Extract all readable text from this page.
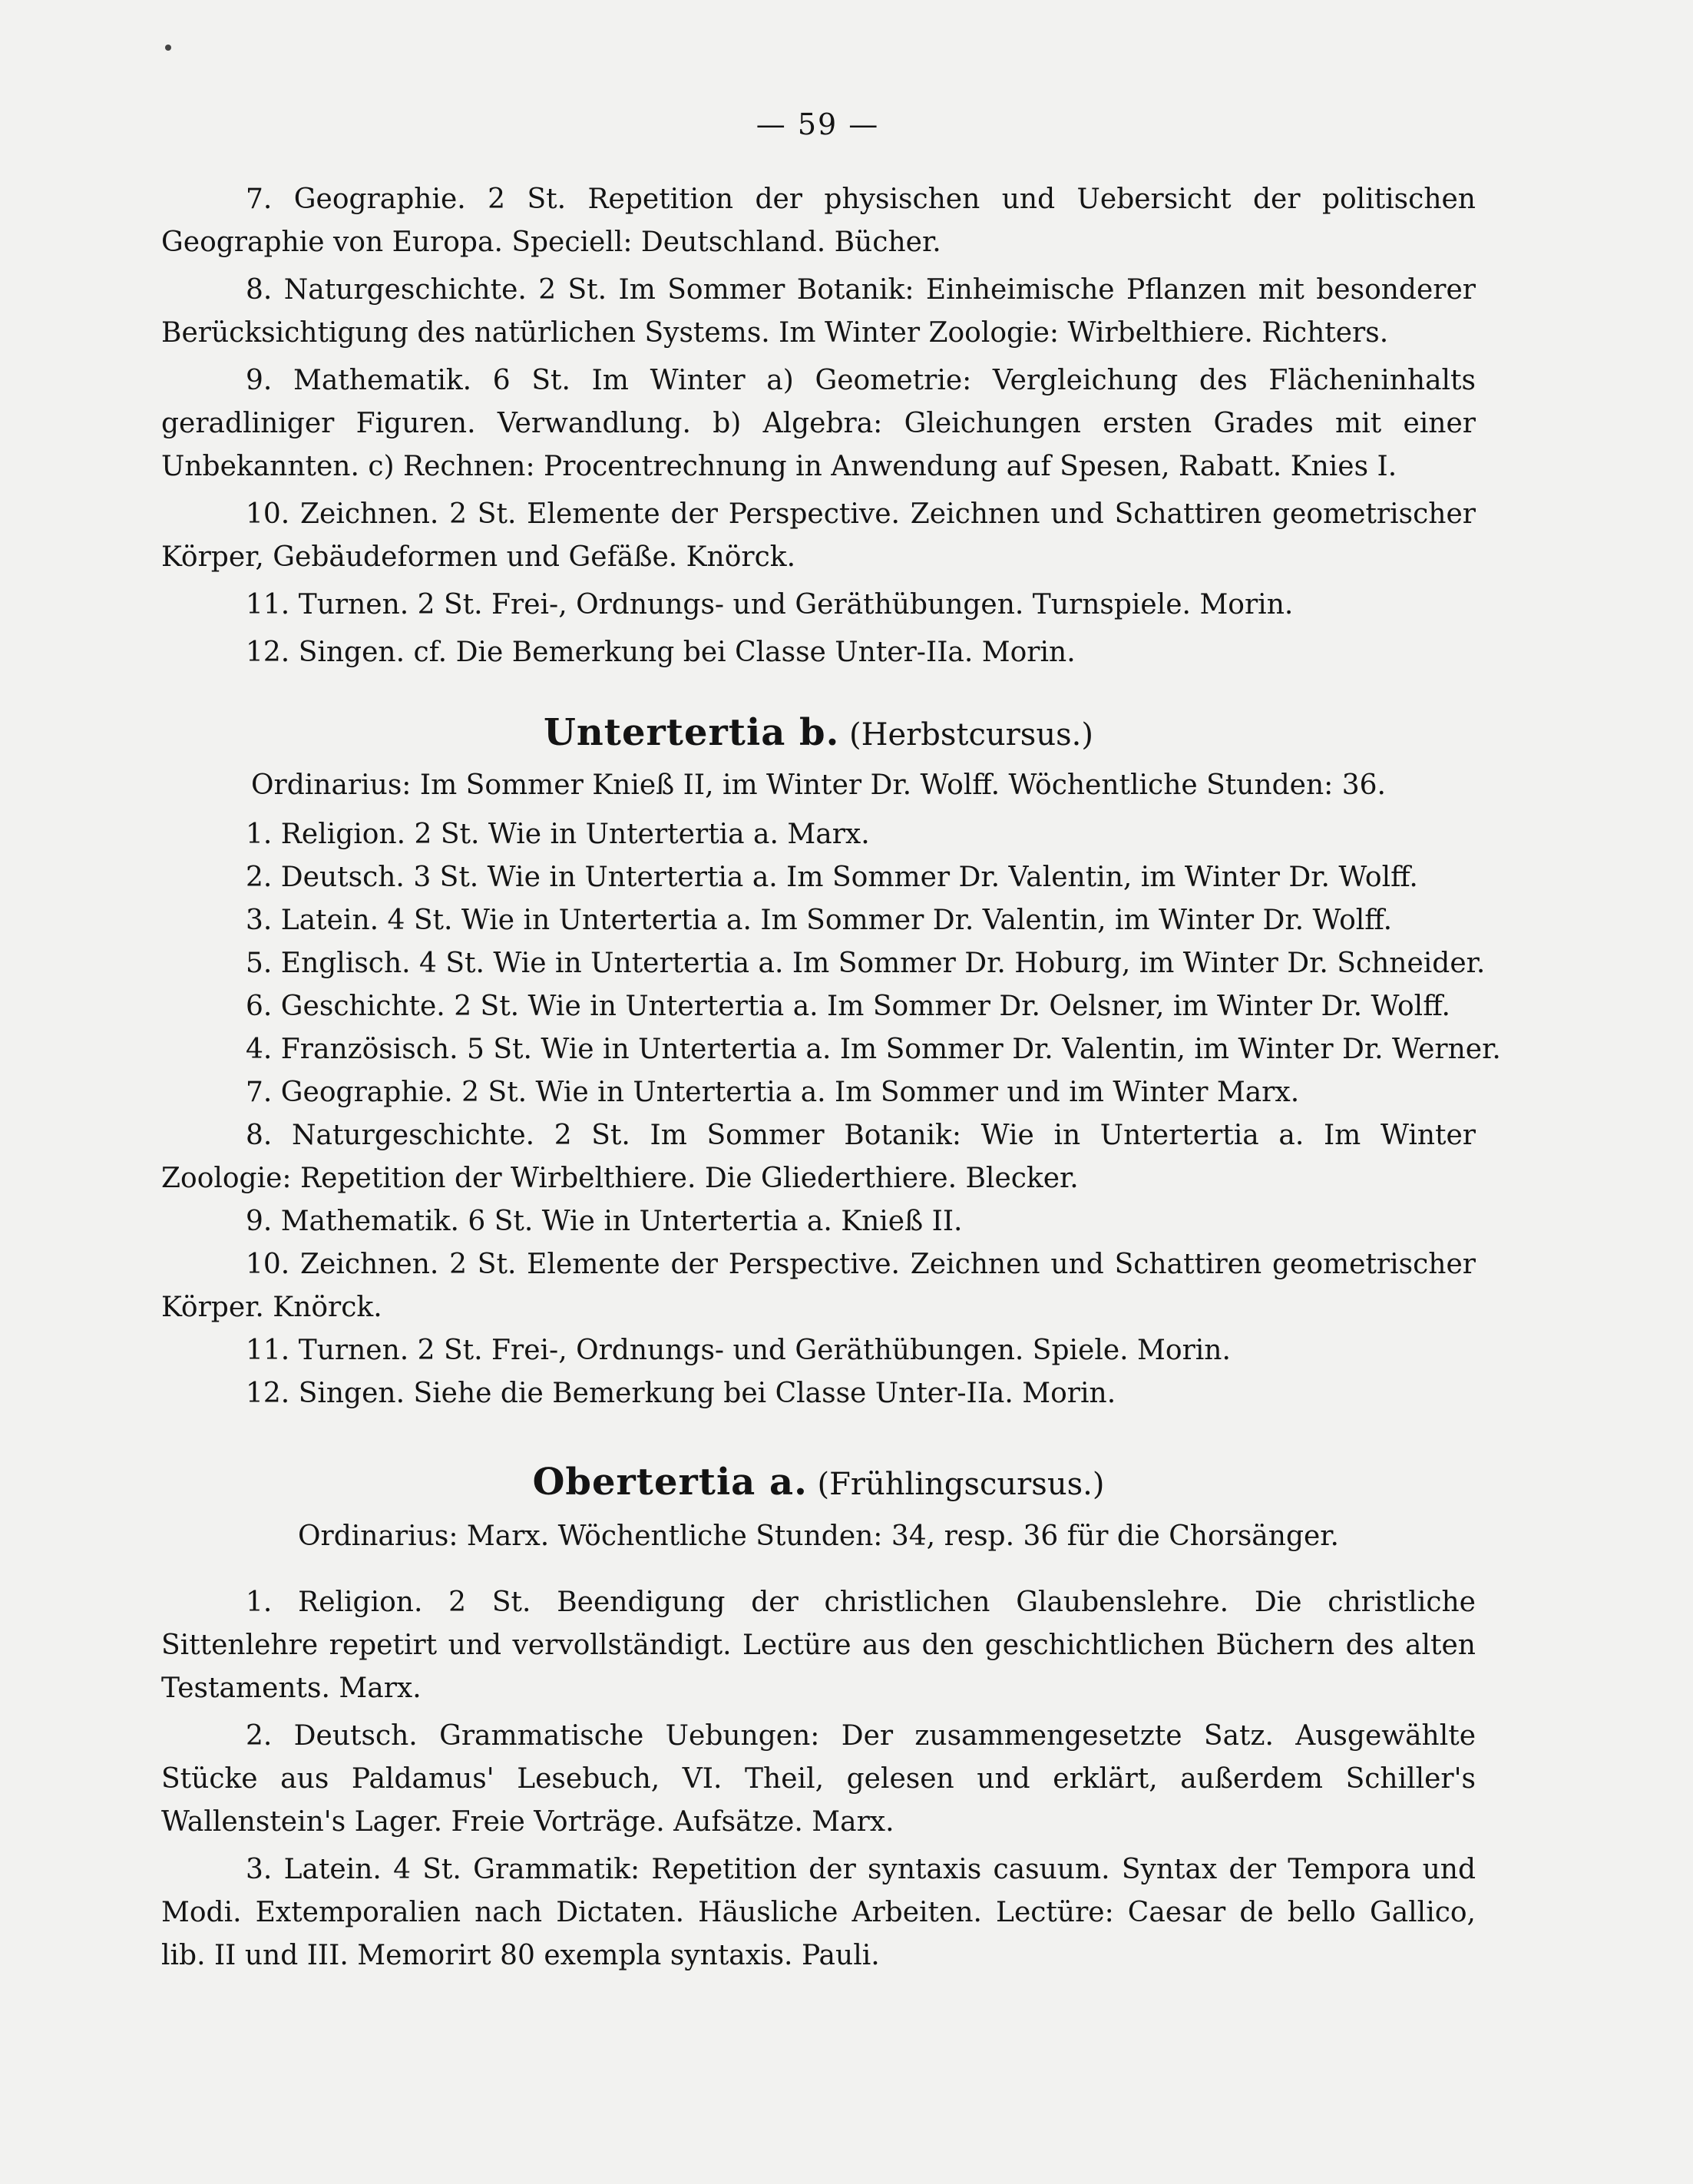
— 59 —

7. Geographie. 2 St. Repetition der physischen und Uebersicht der politischen Geographie von Europa. Speciell: Deutschland. Bücher.

8. Naturgeschichte. 2 St. Im Sommer Botanik: Einheimische Pflanzen mit besonderer Berücksichtigung des natürlichen Systems. Im Winter Zoologie: Wirbelthiere. Richters.

9. Mathematik. 6 St. Im Winter a) Geometrie: Vergleichung des Flächeninhalts geradliniger Figuren. Verwandlung. b) Algebra: Gleichungen ersten Grades mit einer Unbekannten. c) Rechnen: Procentrechnung in Anwendung auf Spesen, Rabatt. Knies I.

10. Zeichnen. 2 St. Elemente der Perspective. Zeichnen und Schattiren geometrischer Körper, Gebäudeformen und Gefäße. Knörck.

11. Turnen. 2 St. Frei-, Ordnungs- und Geräthübungen. Turnspiele. Morin.

12. Singen. cf. Die Bemerkung bei Classe Unter-IIa. Morin.

Untertertia b. (Herbstcursus.)

Ordinarius: Im Sommer Knieß II, im Winter Dr. Wolff. Wöchentliche Stunden: 36.

1. Religion. 2 St. Wie in Untertertia a. Marx.
2. Deutsch. 3 St. Wie in Untertertia a. Im Sommer Dr. Valentin, im Winter Dr. Wolff.
3. Latein. 4 St. Wie in Untertertia a. Im Sommer Dr. Valentin, im Winter Dr. Wolff.
5. Englisch. 4 St. Wie in Untertertia a. Im Sommer Dr. Hoburg, im Winter Dr. Schneider.
6. Geschichte. 2 St. Wie in Untertertia a. Im Sommer Dr. Oelsner, im Winter Dr. Wolff.
4. Französisch. 5 St. Wie in Untertertia a. Im Sommer Dr. Valentin, im Winter Dr. Werner.
7. Geographie. 2 St. Wie in Untertertia a. Im Sommer und im Winter Marx.

8. Naturgeschichte. 2 St. Im Sommer Botanik: Wie in Untertertia a. Im Winter Zoologie: Repetition der Wirbelthiere. Die Gliederthiere. Blecker.

9. Mathematik. 6 St. Wie in Untertertia a. Knieß II.

10. Zeichnen. 2 St. Elemente der Perspective. Zeichnen und Schattiren geometrischer Körper. Knörck.

11. Turnen. 2 St. Frei-, Ordnungs- und Geräthübungen. Spiele. Morin.
12. Singen. Siehe die Bemerkung bei Classe Unter-IIa. Morin.

Obertertia a. (Frühlingscursus.)

Ordinarius: Marx. Wöchentliche Stunden: 34, resp. 36 für die Chorsänger.

1. Religion. 2 St. Beendigung der christlichen Glaubenslehre. Die christliche Sittenlehre repetirt und vervollständigt. Lectüre aus den geschichtlichen Büchern des alten Testaments. Marx.

2. Deutsch. Grammatische Uebungen: Der zusammengesetzte Satz. Ausgewählte Stücke aus Paldamus' Lesebuch, VI. Theil, gelesen und erklärt, außerdem Schiller's Wallenstein's Lager. Freie Vorträge. Aufsätze. Marx.

3. Latein. 4 St. Grammatik: Repetition der syntaxis casuum. Syntax der Tempora und Modi. Extemporalien nach Dictaten. Häusliche Arbeiten. Lectüre: Caesar de bello Gallico, lib. II und III. Memorirt 80 exempla syntaxis. Pauli.
